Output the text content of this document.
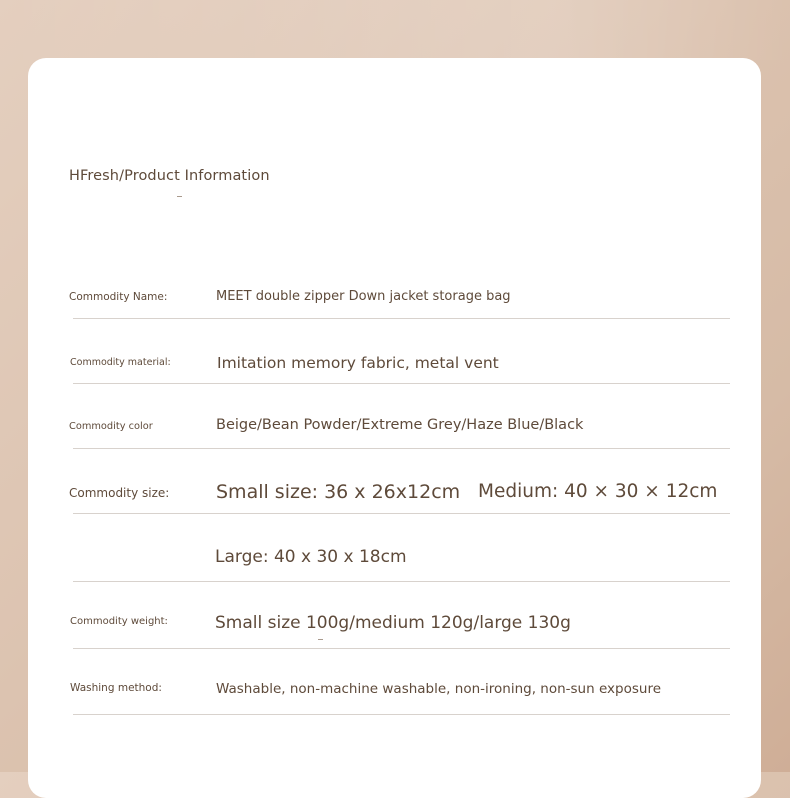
HFresh/Product Information
Commodity Name:	MEET double zipper Down jacket storage bag
Commodity material:	Imitation memory fabric, metal vent
Commodity color	Beige/Bean Powder/Extreme Grey/Haze Blue/Black
Commodity size: Small size: 36 x 26x12cm Medium: 40 × 30 × 12cm
Large: 40 x 30 x 18cm
Commodity weight:	Small size 100g/medium 120g/large 130g
Washing method:	Washable, non-machine washable, non-ironing, non-sun exposure
